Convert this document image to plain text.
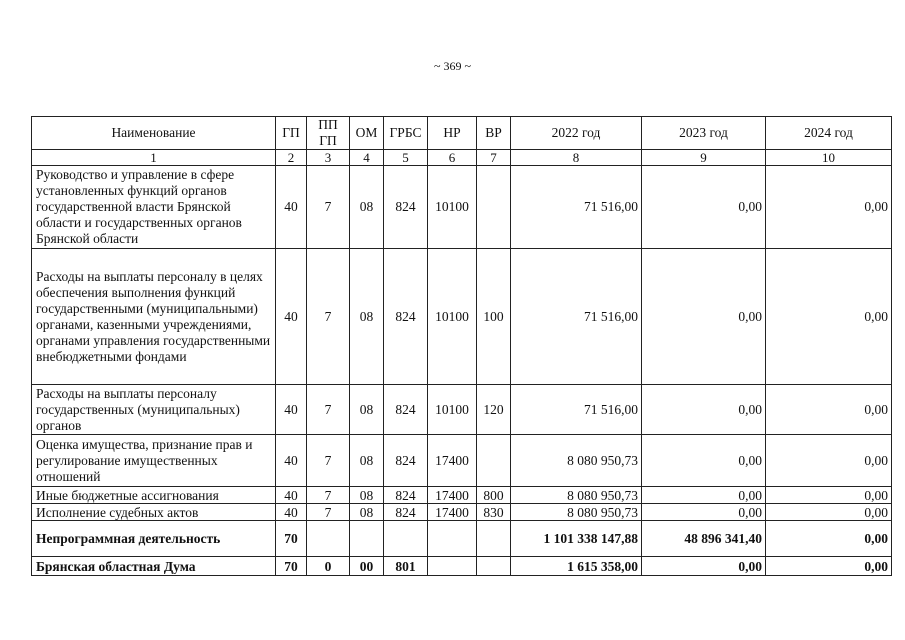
~ 369 ~
Наименование	ГП	ПП ГП	ОМ	ГРБС	НР	ВР	2022 год	2023 год	2024 год
1	2	3	4	5	6	7	8	9	10
Руководство и управление в сфере установленных функций органов государственной власти Брянской области и государственных органов Брянской области	40	7	08	824	10100		71 516,00	0,00	0,00
Расходы на выплаты персоналу в целях обеспечения выполнения функций государственными (муниципальными) органами, казенными учреждениями, органами управления государственными внебюджетными фондами	40	7	08	824	10100	100	71 516,00	0,00	0,00
Расходы на выплаты персоналу государственных (муниципальных) органов	40	7	08	824	10100	120	71 516,00	0,00	0,00
Оценка имущества, признание прав и регулирование имущественных отношений	40	7	08	824	17400		8 080 950,73	0,00	0,00
Иные бюджетные ассигнования	40	7	08	824	17400	800	8 080 950,73	0,00	0,00
Исполнение судебных актов	40	7	08	824	17400	830	8 080 950,73	0,00	0,00
Непрограммная деятельность	70						1 101 338 147,88	48 896 341,40	0,00
Брянская областная Дума	70	0	00	801			1 615 358,00	0,00	0,00
